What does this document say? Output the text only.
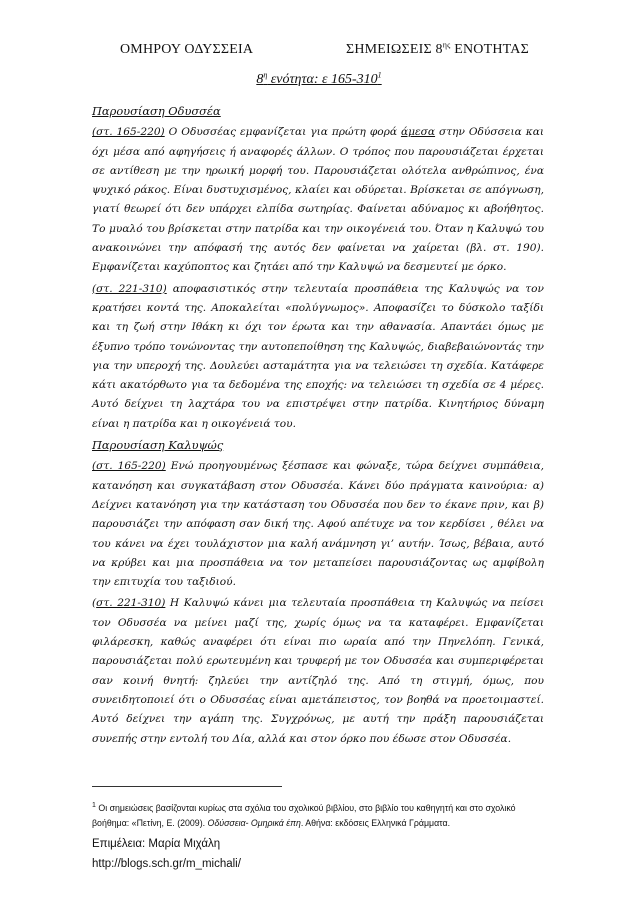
ΟΜΗΡΟΥ ΟΔΥΣΣΕΙΑ	ΣΗΜΕΙΩΣΕΙΣ $8^{\eta\varsigma}$ ΕΝΟΤΗΤΑΣ
$8^\eta$ ενότητα: ε $165-310^1$

Παρουσίαση Οδυσσέα

(στ. 165-220) Ο Οδυσσέας εμφανίζεται για πρώτη φορά άμεσα στην Οδύσσεια και όχι μέσα από αφηγήσεις ή αναφορές άλλων. Ο τρόπος που παρουσιάζεται έρχεται σε αντίθεση με την ηρωική μορφή του. Παρουσιάζεται ολότελα ανθρώπινος, ένα ψυχικό ράκος. Είναι δυστυχισμένος, κλαίει και οδύρεται. Βρίσκεται σε απόγνωση, γιατί θεωρεί ότι δεν υπάρχει ελπίδα σωτηρίας. Φαίνεται αδύναμος κι αβοήθητος. Το μυαλό του βρίσκεται στην πατρίδα και την οικογένειά του. Όταν η Καλυψώ του ανακοινώνει την απόφασή της αυτός δεν φαίνεται να χαίρεται (βλ. στ. 190). Εμφανίζεται καχύποπτος και ζητάει από την Καλυψώ να δεσμευτεί με όρκο.

(στ. 221-310) αποφασιστικός στην τελευταία προσπάθεια της Καλυψώς να τον κρατήσει κοντά της. Αποκαλείται «πολύγνωμος». Αποφασίζει το δύσκολο ταξίδι και τη ζωή στην Ιθάκη κι όχι τον έρωτα και την αθανασία. Απαντάει όμως με έξυπνο τρόπο τονώνοντας την αυτοπεποίθηση της Καλυψώς, διαβεβαιώνοντάς την για την υπεροχή της. Δουλεύει ασταμάτητα για να τελειώσει τη σχεδία. Κατάφερε κάτι ακατόρθωτο για τα δεδομένα της εποχής: να τελειώσει τη σχεδία σε 4 μέρες. Αυτό δείχνει τη λαχτάρα του να επιστρέψει στην πατρίδα. Κινητήριος δύναμη είναι η πατρίδα και η οικογένειά του.

Παρουσίαση Καλυψώς

(στ. 165-220) Ενώ προηγουμένως ξέσπασε και φώναξε, τώρα δείχνει συμπάθεια, κατανόηση και συγκατάβαση στον Οδυσσέα. Κάνει δύο πράγματα καινούρια: α) Δείχνει κατανόηση για την κατάσταση του Οδυσσέα που δεν το έκανε πριν, και β) παρουσιάζει την απόφαση σαν δική της. Αφού απέτυχε να τον κερδίσει , θέλει να του κάνει να έχει τουλάχιστον μια καλή ανάμνηση γι’ αυτήν. Ίσως, βέβαια, αυτό να κρύβει και μια προσπάθεια να τον μεταπείσει παρουσιάζοντας ως αμφίβολη την επιτυχία του ταξιδιού.

(στ. 221-310) Η Καλυψώ κάνει μια τελευταία προσπάθεια τη Καλυψώς να πείσει τον Οδυσσέα να μείνει μαζί της, χωρίς όμως να τα καταφέρει. Εμφανίζεται φιλάρεσκη, καθώς αναφέρει ότι είναι πιο ωραία από την Πηνελόπη. Γενικά, παρουσιάζεται πολύ ερωτευμένη και τρυφερή με τον Οδυσσέα και συμπεριφέρεται σαν κοινή θνητή: ζηλεύει την αντίζηλό της. Από τη στιγμή, όμως, που συνειδητοποιεί ότι ο Οδυσσέας είναι αμετάπειστος, τον βοηθά να προετοιμαστεί. Αυτό δείχνει την αγάπη της. Συγχρόνως, με αυτή την πράξη παρουσιάζεται συνεπής στην εντολή του Δία, αλλά και στον όρκο που έδωσε στον Οδυσσέα.

$^1$ Οι σημειώσεις βασίζονται κυρίως στα σχόλια του σχολικού βιβλίου, στο βιβλίο του καθηγητή και στο σχολικό βοήθημα: «Πετίνη, Ε. (2009). Οδύσσεια- Ομηρικά έπη. Αθήνα: εκδόσεις Ελληνικά Γράμματα.
Επιμέλεια: Μαρία Μιχάλη
http://blogs.sch.gr/m_michali/
